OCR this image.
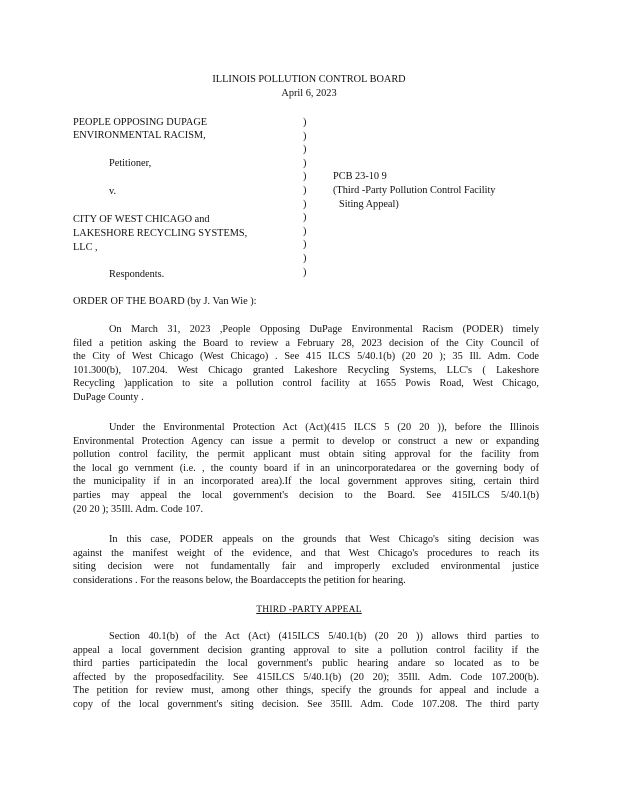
ILLINOIS POLLUTION CONTROL BOARD
April 6, 2023
PEOPLE OPPOSING DUPAGE
ENVIRONMENTAL RACISM,
Petitioner,
v.
CITY OF WEST CHICAGO and
LAKESHORE RECYCLING SYSTEMS,
LLC ,
Respondents.
)
)
)
)
)
)
)
)
)
)
)
)
PCB 23-10 9
(Third -Party Pollution Control Facility
Siting Appeal)
ORDER OF THE BOARD (by J. Van Wie ):
On March 31, 2023 ,People Opposing DuPage Environmental Racism (PODER) timely
filed a petition asking the Board to review a February 28, 2023 decision of the City Council of
the City of West Chicago (West Chicago) . See 415 ILCS 5/40.1(b) (20 20 ); 35 Ill. Adm. Code
101.300(b), 107.204. West Chicago granted Lakeshore Recycling Systems, LLC's ( Lakeshore
Recycling )application to site a pollution control facility at 1655 Powis Road, West Chicago,
DuPage County .
Under the Environmental Protection Act (Act)(415 ILCS 5 (20 20 )), before the Illinois
Environmental Protection Agency can issue a permit to develop or construct a new or expanding
pollution control facility, the permit applicant must obtain siting approval for the facility from
the local go vernment (i.e. , the county board if in an unincorporatedarea or the governing body of
the municipality if in an incorporated area).If the local government approves siting, certain third
parties may appeal the local government's decision to the Board. See 415ILCS 5/40.1(b)
(20 20 ); 35Ill. Adm. Code 107.
In this case, PODER appeals on the grounds that West Chicago's siting decision was
against the manifest weight of the evidence, and that West Chicago's procedures to reach its
siting decision were not fundamentally fair and improperly excluded environmental justice
considerations . For the reasons below, the Boardaccepts the petition for hearing.
THIRD -PARTY APPEAL
Section 40.1(b) of the Act (Act) (415ILCS 5/40.1(b) (20 20 )) allows third parties to
appeal a local government decision granting approval to site a pollution control facility if the
third parties participatedin the local government's public hearing andare so located as to be
affected by the proposedfacility. See 415ILCS 5/40.1(b) (20 20); 35Ill. Adm. Code 107.200(b).
The petition for review must, among other things, specify the grounds for appeal and include a
copy of the local government's siting decision. See 35Ill. Adm. Code 107.208. The third party
